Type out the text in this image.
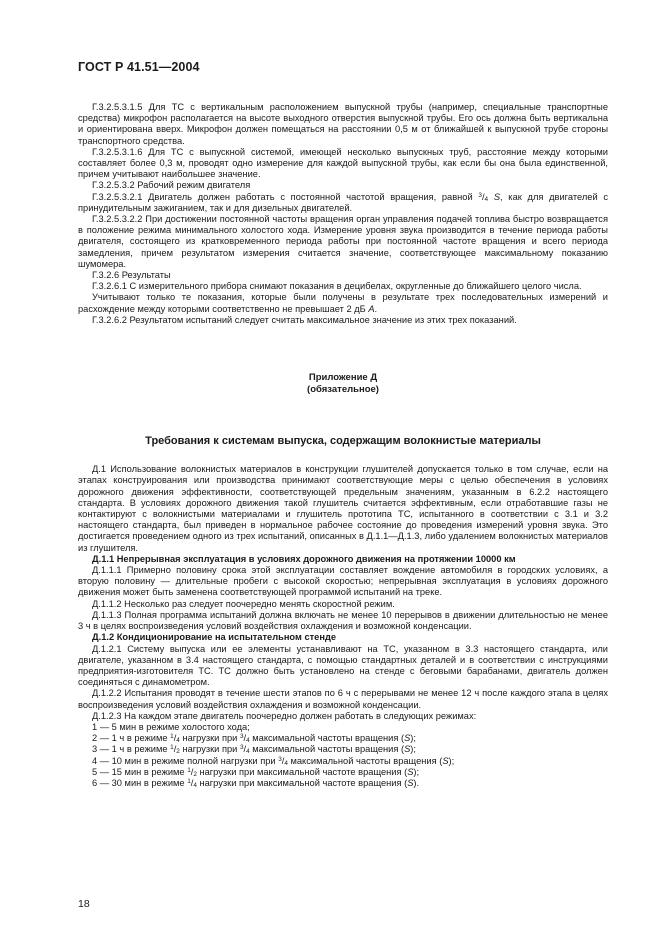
ГОСТ Р 41.51—2004

Г.3.2.5.3.1.5 Для ТС с вертикальным расположением выпускной трубы (например, специальные транспортные средства) микрофон располагается на высоте выходного отверстия выпускной трубы. Его ось должна быть вертикальна и ориентирована вверх. Микрофон должен помещаться на расстоянии 0,5 м от ближайшей к выпускной трубе стороны транспортного средства.

Г.3.2.5.3.1.6 Для ТС с выпускной системой, имеющей несколько выпускных труб, расстояние между которыми составляет более 0,3 м, проводят одно измерение для каждой выпускной трубы, как если бы она была единственной, причем учитывают наибольшее значение.

Г.3.2.5.3.2 Рабочий режим двигателя

Г.3.2.5.3.2.1 Двигатель должен работать с постоянной частотой вращения, равной $^3/_4$ S, как для двигателей с принудительным зажиганием, так и для дизельных двигателей.

Г.3.2.5.3.2.2 При достижении постоянной частоты вращения орган управления подачей топлива быстро возвращается в положение режима минимального холостого хода. Измерение уровня звука производится в течение периода работы двигателя, состоящего из кратковременного периода работы при постоянной частоте вращения и всего периода замедления, причем результатом измерения считается значение, соответствующее максимальному показанию шумомера.

Г.3.2.6 Результаты

Г.3.2.6.1 С измерительного прибора снимают показания в децибелах, округленные до ближайшего целого числа.

Учитывают только те показания, которые были получены в результате трех последовательных измерений и расхождение между которыми соответственно не превышает 2 дБ A.

Г.3.2.6.2 Результатом испытаний следует считать максимальное значение из этих трех показаний.

Приложение Д
(обязательное)
Требования к системам выпуска, содержащим волокнистые материалы

Д.1 Использование волокнистых материалов в конструкции глушителей допускается только в том случае, если на этапах конструирования или производства принимают соответствующие меры с целью обеспечения в условиях дорожного движения эффективности, соответствующей предельным значениям, указанным в 6.2.2 настоящего стандарта. В условиях дорожного движения такой глушитель считается эффективным, если отработавшие газы не контактируют с волокнистыми материалами и глушитель прототипа ТС, испытанного в соответствии с 3.1 и 3.2 настоящего стандарта, был приведен в нормальное рабочее состояние до проведения измерений уровня звука. Это достигается проведением одного из трех испытаний, описанных в Д.1.1—Д.1.3, либо удалением волокнистых материалов из глушителя.

Д.1.1 Непрерывная эксплуатация в условиях дорожного движения на протяжении 10000 км

Д.1.1.1 Примерно половину срока этой эксплуатации составляет вождение автомобиля в городских условиях, а вторую половину — длительные пробеги с высокой скоростью; непрерывная эксплуатация в условиях дорожного движения может быть заменена соответствующей программой испытаний на треке.

Д.1.1.2 Несколько раз следует поочередно менять скоростной режим.

Д.1.1.3 Полная программа испытаний должна включать не менее 10 перерывов в движении длительностью не менее 3 ч в целях воспроизведения условий воздействия охлаждения и возможной конденсации.

Д.1.2 Кондиционирование на испытательном стенде

Д.1.2.1 Систему выпуска или ее элементы устанавливают на ТС, указанном в 3.3 настоящего стандарта, или двигателе, указанном в 3.4 настоящего стандарта, с помощью стандартных деталей и в соответствии с инструкциями предприятия-изготовителя ТС. ТС должно быть установлено на стенде с беговыми барабанами, двигатель должен соединяться с динамометром.

Д.1.2.2 Испытания проводят в течение шести этапов по 6 ч с перерывами не менее 12 ч после каждого этапа в целях воспроизведения условий воздействия охлаждения и возможной конденсации.

Д.1.2.3 На каждом этапе двигатель поочередно должен работать в следующих режимах:

1 — 5 мин в режиме холостого хода;

2 — 1 ч в режиме $^1/_4$ нагрузки при $^3/_4$ максимальной частоты вращения (S);

3 — 1 ч в режиме $^1/_2$ нагрузки при $^3/_4$ максимальной частоты вращения (S);

4 — 10 мин в режиме полной нагрузки при $^3/_4$ максимальной частоты вращения (S);

5 — 15 мин в режиме $^1/_2$ нагрузки при максимальной частоте вращения (S);

6 — 30 мин в режиме $^1/_4$ нагрузки при максимальной частоте вращения (S).

18
